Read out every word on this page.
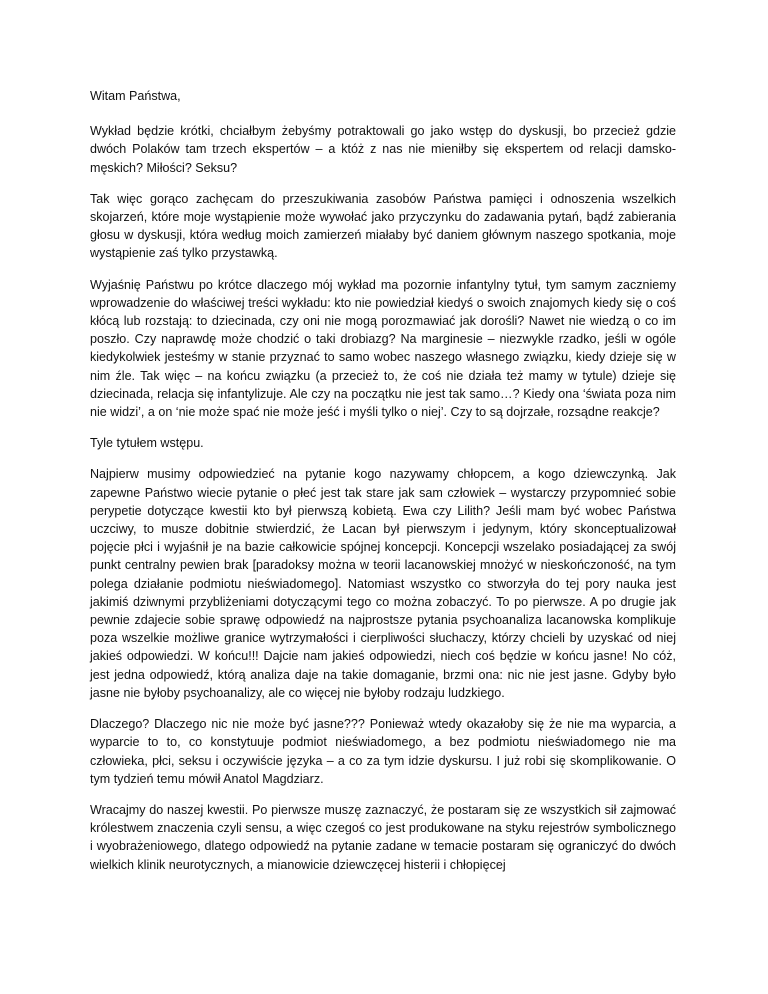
Witam Państwa,

Wykład będzie krótki, chciałbym żebyśmy potraktowali go jako wstęp do dyskusji, bo przecież gdzie dwóch Polaków tam trzech ekspertów – a któż z nas nie mieniłby się ekspertem od relacji damsko-męskich? Miłości? Seksu?

Tak więc gorąco zachęcam do przeszukiwania zasobów Państwa pamięci i odnoszenia wszelkich skojarzeń, które moje wystąpienie może wywołać jako przyczynku do zadawania pytań, bądź zabierania głosu w dyskusji, która według moich zamierzeń miałaby być daniem głównym naszego spotkania, moje wystąpienie zaś tylko przystawką.

Wyjaśnię Państwu po krótce dlaczego mój wykład ma pozornie infantylny tytuł, tym samym zaczniemy wprowadzenie do właściwej treści wykładu: kto nie powiedział kiedyś o swoich znajomych kiedy się o coś kłócą lub rozstają: to dziecinada, czy oni nie mogą porozmawiać jak dorośli? Nawet nie wiedzą o co im poszło. Czy naprawdę może chodzić o taki drobiazg? Na marginesie – niezwykle rzadko, jeśli w ogóle kiedykolwiek jesteśmy w stanie przyznać to samo wobec naszego własnego związku, kiedy dzieje się w nim źle. Tak więc – na końcu związku (a przecież to, że coś nie działa też mamy w tytule) dzieje się dziecinada, relacja się infantylizuje. Ale czy na początku nie jest tak samo…? Kiedy ona ‘świata poza nim nie widzi’, a on ‘nie może spać nie może jeść i myśli tylko o niej’. Czy to są dojrzałe, rozsądne reakcje?

Tyle tytułem wstępu.

Najpierw musimy odpowiedzieć na pytanie kogo nazywamy chłopcem, a kogo dziewczynką. Jak zapewne Państwo wiecie pytanie o płeć jest tak stare jak sam człowiek – wystarczy przypomnieć sobie perypetie dotyczące kwestii kto był pierwszą kobietą. Ewa czy Lilith? Jeśli mam być wobec Państwa uczciwy, to musze dobitnie stwierdzić, że Lacan był pierwszym i jedynym, który skonceptualizował pojęcie płci i wyjaśnił je na bazie całkowicie spójnej koncepcji. Koncepcji wszelako posiadającej za swój punkt centralny pewien brak [paradoksy można w teorii lacanowskiej mnożyć w nieskończoność, na tym polega działanie podmiotu nieświadomego]. Natomiast wszystko co stworzyła do tej pory nauka jest jakimiś dziwnymi przybliżeniami dotyczącymi tego co można zobaczyć. To po pierwsze. A po drugie jak pewnie zdajecie sobie sprawę odpowiedź na najprostsze pytania psychoanaliza lacanowska komplikuje poza wszelkie możliwe granice wytrzymałości i cierpliwości słuchaczy, którzy chcieli by uzyskać od niej jakieś odpowiedzi. W końcu!!! Dajcie nam jakieś odpowiedzi, niech coś będzie w końcu jasne! No cóż, jest jedna odpowiedź, którą analiza daje na takie domaganie, brzmi ona: nic nie jest jasne. Gdyby było jasne nie byłoby psychoanalizy, ale co więcej nie byłoby rodzaju ludzkiego.

Dlaczego? Dlaczego nic nie może być jasne??? Ponieważ wtedy okazałoby się że nie ma wyparcia, a wyparcie to to, co konstytuuje podmiot nieświadomego, a bez podmiotu nieświadomego nie ma człowieka, płci, seksu i oczywiście języka – a co za tym idzie dyskursu. I już robi się skomplikowanie. O tym tydzień temu mówił Anatol Magdziarz.

Wracajmy do naszej kwestii. Po pierwsze muszę zaznaczyć, że postaram się ze wszystkich sił zajmować królestwem znaczenia czyli sensu, a więc czegoś co jest produkowane na styku rejestrów symbolicznego i wyobrażeniowego, dlatego odpowiedź na pytanie zadane w temacie postaram się ograniczyć do dwóch wielkich klinik neurotycznych, a mianowicie dziewczęcej histerii i chłopięcej
